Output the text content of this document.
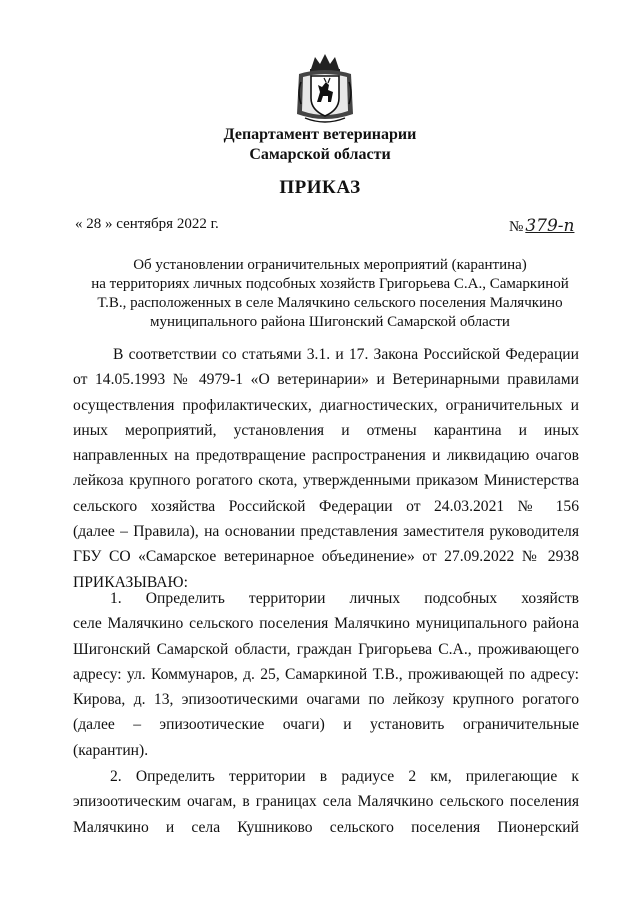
Департамент ветеринарии
Самарской области
ПРИКАЗ
« 28 » сентября 2022 г.	№ 379-п
Об установлении ограничительных мероприятий (карантина)
на территориях личных подсобных хозяйств Григорьева С.А., Самаркиной
Т.В., расположенных в селе Малячкино сельского поселения Малячкино
муниципального района Шигонский Самарской области
В соответствии со статьями 3.1. и 17. Закона Российской Федерации
от 14.05.1993 № 4979-1 «О ветеринарии» и Ветеринарными правилами
осуществления профилактических, диагностических, ограничительных и
иных мероприятий, установления и отмены карантина и иных
направленных на предотвращение распространения и ликвидацию очагов
лейкоза крупного рогатого скота, утвержденными приказом Министерства
сельского хозяйства Российской Федерации от 24.03.2021 № 156
(далее – Правила), на основании представления заместителя руководителя
ГБУ СО «Самарское ветеринарное объединение» от 27.09.2022 № 2938
ПРИКАЗЫВАЮ:
1. Определить территории личных подсобных хозяйств
селе Малячкино сельского поселения Малячкино муниципального района
Шигонский Самарской области, граждан Григорьева С.А., проживающего
адресу: ул. Коммунаров, д. 25, Самаркиной Т.В., проживающей по адресу:
Кирова, д. 13, эпизоотическими очагами по лейкозу крупного рогатого
(далее – эпизоотические очаги) и установить ограничительные
(карантин).
2. Определить территории в радиусе 2 км, прилегающие к
эпизоотическим очагам, в границах села Малячкино сельского поселения
Малячкино и села Кушниково сельского поселения Пионерский
